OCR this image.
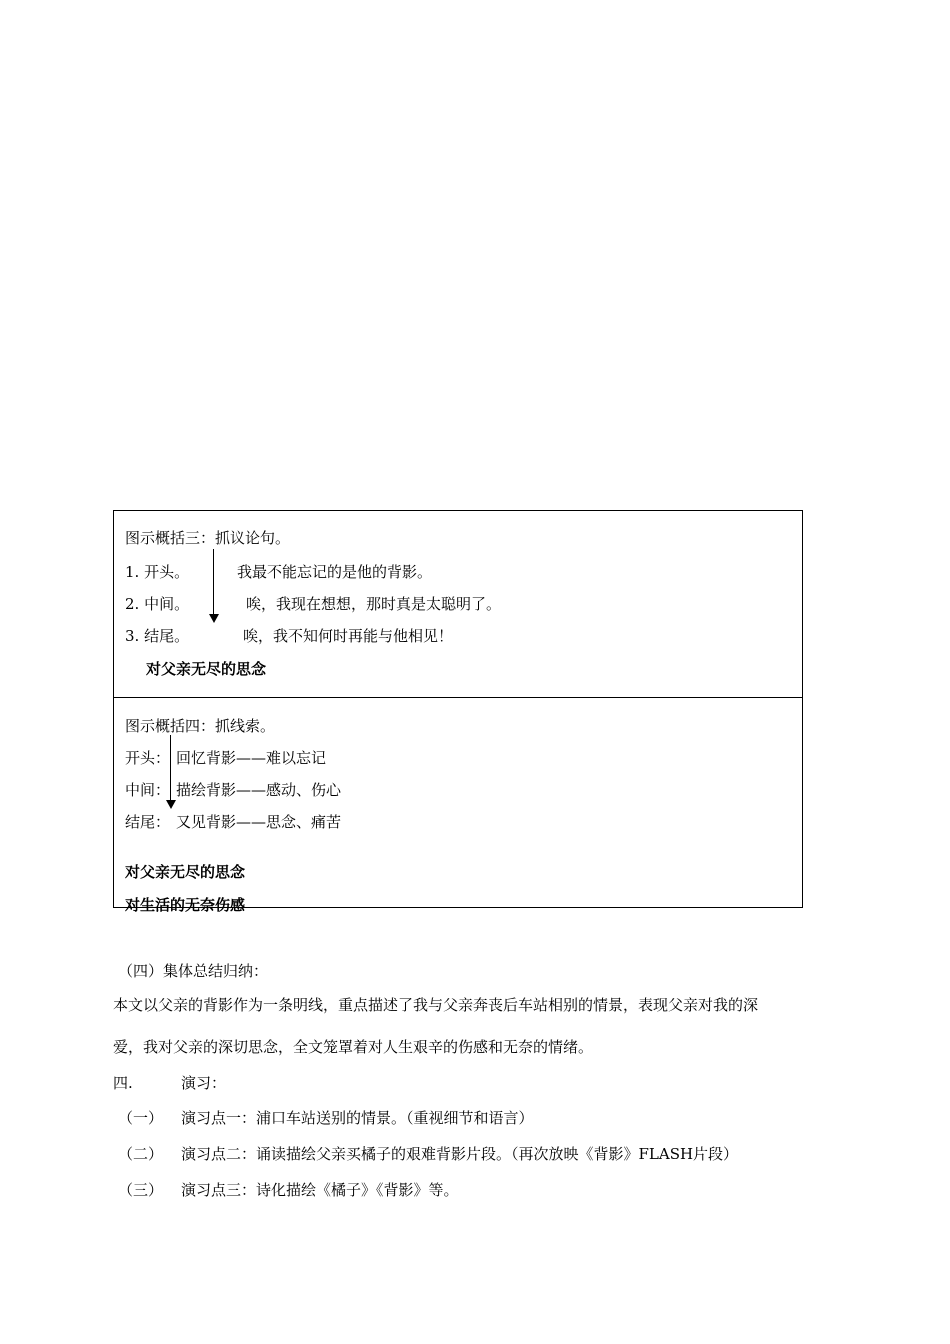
图示概括三：抓议论句。
1. 开头。	我最不能忘记的是他的背影。
2. 中间。	唉，我现在想想，那时真是太聪明了。
3. 结尾。	唉，我不知何时再能与他相见！
对父亲无尽的思念
图示概括四：抓线索。
开头： 回忆背影——难以忘记
中间： 描绘背影——感动、伤心
结尾： 又见背影——思念、痛苦
对父亲无尽的思念
对生活的无奈伤感
（四）集体总结归纳：
本文以父亲的背影作为一条明线，重点描述了我与父亲奔丧后车站相别的情景，表现父亲对我的深
爱，我对父亲的深切思念，全文笼罩着对人生艰辛的伤感和无奈的情绪。
四.	演习：
（一） 演习点一：浦口车站送别的情景。（重视细节和语言）
（二） 演习点二：诵读描绘父亲买橘子的艰难背影片段。（再次放映《背影》FLASH片段）
（三） 演习点三：诗化描绘《橘子》《背影》等。
